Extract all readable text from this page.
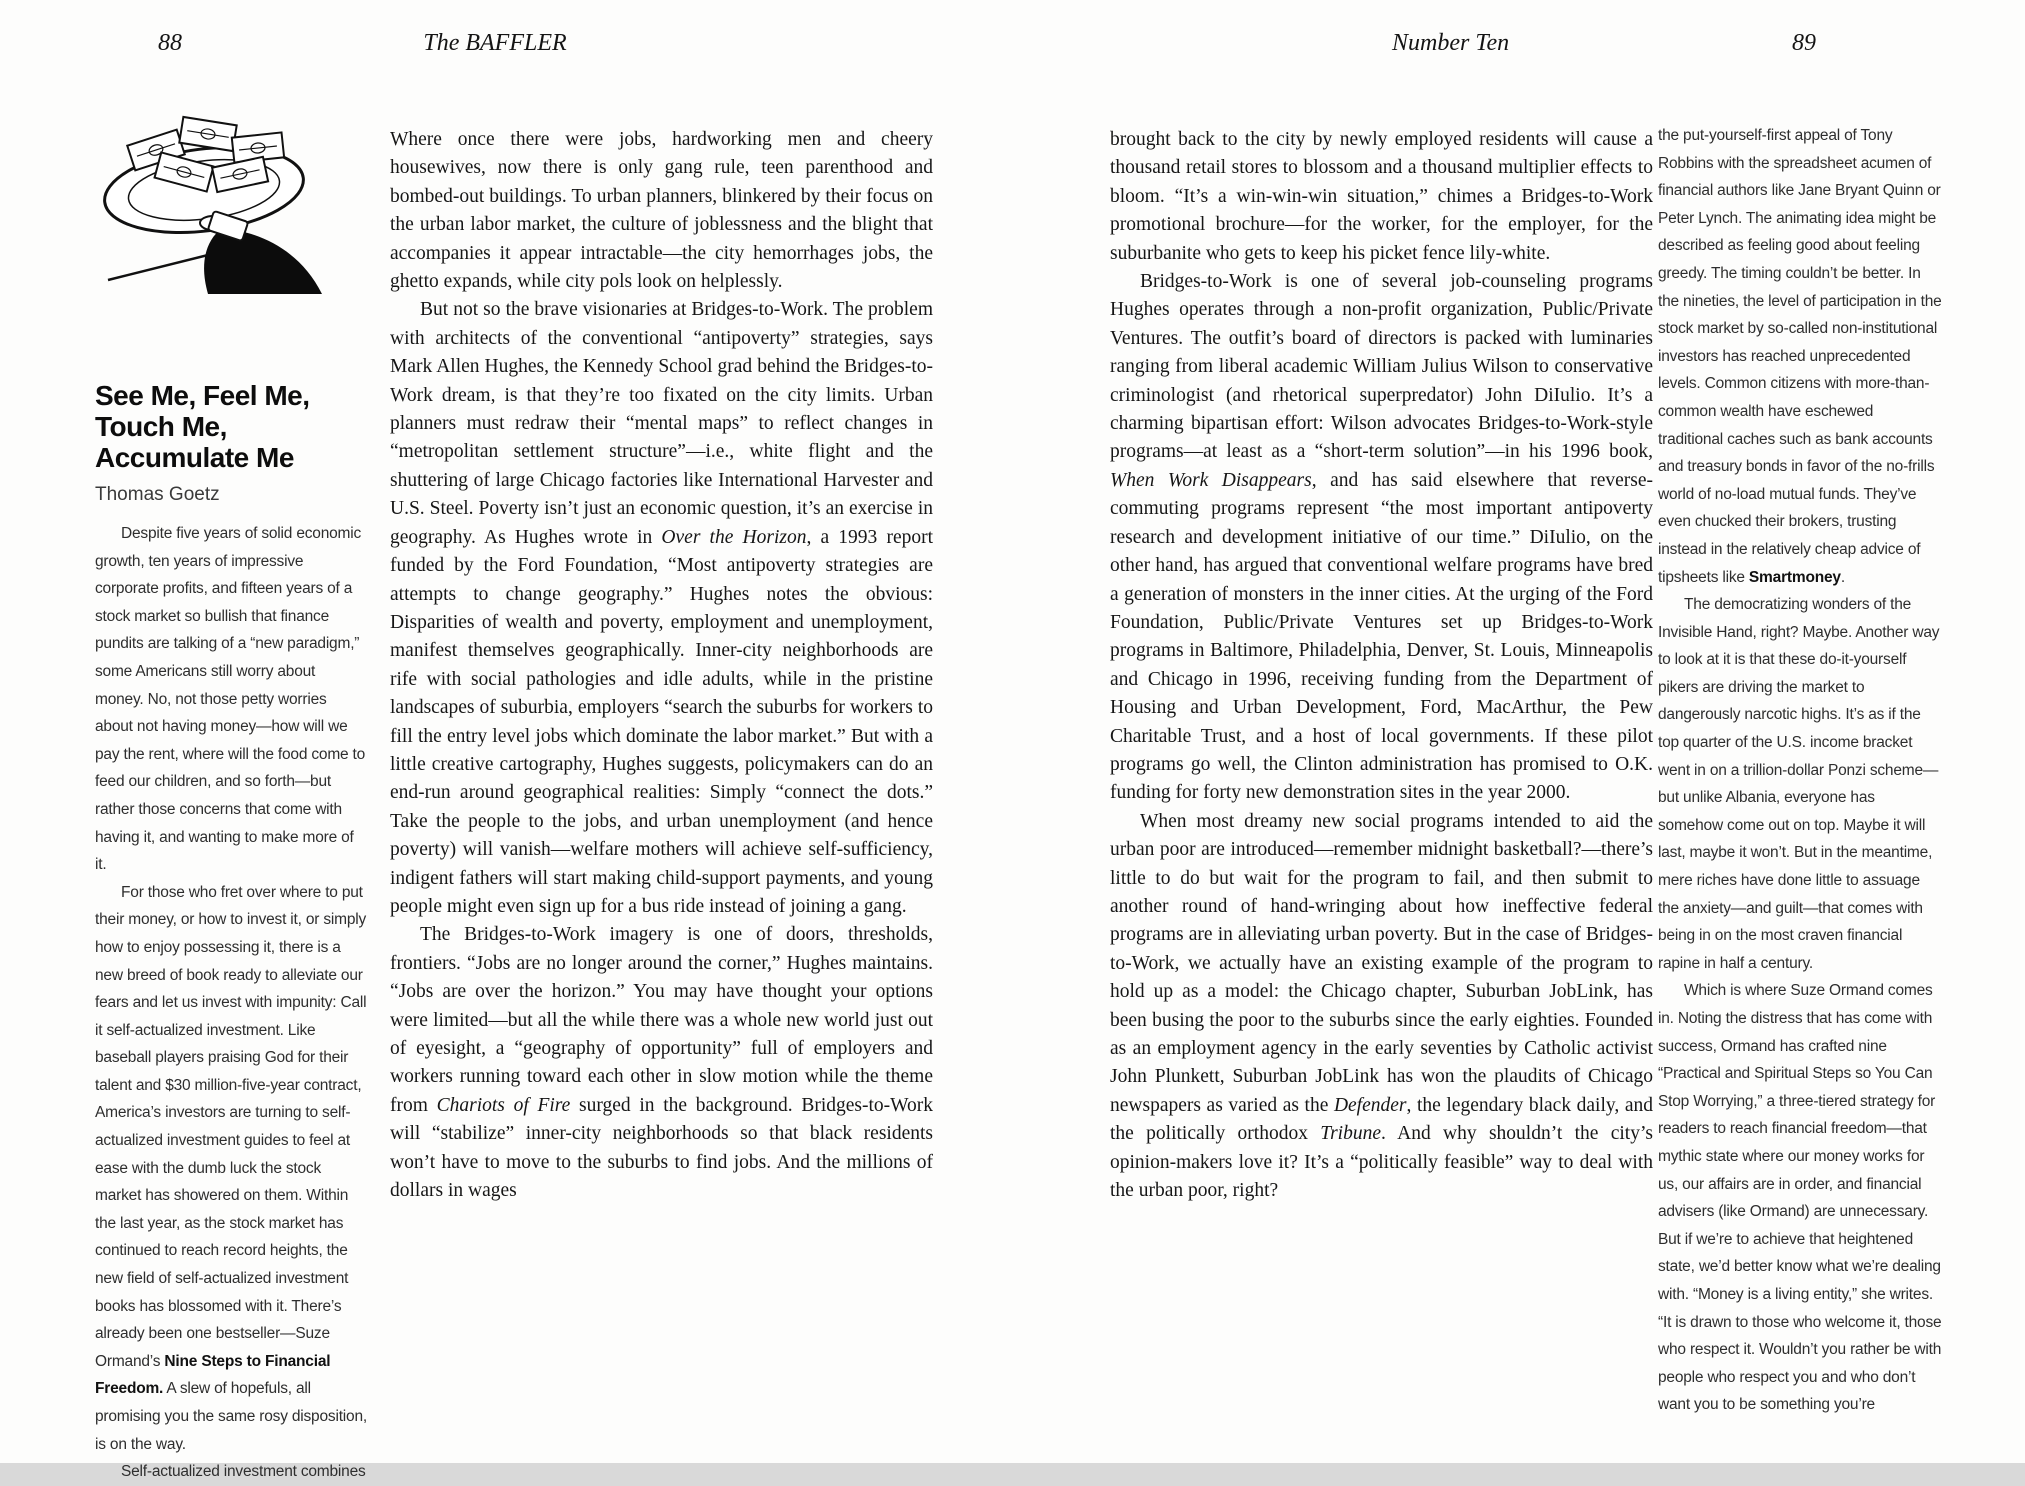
88	The BAFFLER	Number Ten	89
See Me, Feel Me, Touch Me, Accumulate Me
Thomas Goetz

Despite five years of solid economic growth, ten years of impressive corporate profits, and fifteen years of a stock market so bullish that finance pundits are talking of a “new paradigm,” some Americans still worry about money. No, not those petty worries about not having money—how will we pay the rent, where will the food come to feed our children, and so forth—but rather those concerns that come with having it, and wanting to make more of it.

For those who fret over where to put their money, or how to invest it, or simply how to enjoy possessing it, there is a new breed of book ready to alleviate our fears and let us invest with impunity: Call it self-actualized investment. Like baseball players praising God for their talent and $30 million-five-year contract, America’s investors are turning to self-actualized investment guides to feel at ease with the dumb luck the stock market has showered on them. Within the last year, as the stock market has continued to reach record heights, the new field of self-actualized investment books has blossomed with it. There’s already been one bestseller—Suze Ormand’s Nine Steps to Financial Freedom. A slew of hopefuls, all promising you the same rosy disposition, is on the way.

Self-actualized investment combines

Where once there were jobs, hardworking men and cheery housewives, now there is only gang rule, teen parenthood and bombed-out buildings. To urban planners, blinkered by their focus on the urban labor market, the culture of joblessness and the blight that accompanies it appear intractable—the city hemorrhages jobs, the ghetto expands, while city pols look on helplessly.

But not so the brave visionaries at Bridges-to-Work. The problem with architects of the conventional “antipoverty” strategies, says Mark Allen Hughes, the Kennedy School grad behind the Bridges-to-Work dream, is that they’re too fixated on the city limits. Urban planners must redraw their “mental maps” to reflect changes in “metropolitan settlement structure”—i.e., white flight and the shuttering of large Chicago factories like International Harvester and U.S. Steel. Poverty isn’t just an economic question, it’s an exercise in geography. As Hughes wrote in Over the Horizon, a 1993 report funded by the Ford Foundation, “Most antipoverty strategies are attempts to change geography.” Hughes notes the obvious: Disparities of wealth and poverty, employment and unemployment, manifest themselves geographically. Inner-city neighborhoods are rife with social pathologies and idle adults, while in the pristine landscapes of suburbia, employers “search the suburbs for workers to fill the entry level jobs which dominate the labor market.” But with a little creative cartography, Hughes suggests, policymakers can do an end-run around geographical realities: Simply “connect the dots.” Take the people to the jobs, and urban unemployment (and hence poverty) will vanish—welfare mothers will achieve self-sufficiency, indigent fathers will start making child-support payments, and young people might even sign up for a bus ride instead of joining a gang.

The Bridges-to-Work imagery is one of doors, thresholds, frontiers. “Jobs are no longer around the corner,” Hughes maintains. “Jobs are over the horizon.” You may have thought your options were limited—but all the while there was a whole new world just out of eyesight, a “geography of opportunity” full of employers and workers running toward each other in slow motion while the theme from Chariots of Fire surged in the background. Bridges-to-Work will “stabilize” inner-city neighborhoods so that black residents won’t have to move to the suburbs to find jobs. And the millions of dollars in wages

brought back to the city by newly employed residents will cause a thousand retail stores to blossom and a thousand multiplier effects to bloom. “It’s a win-win-win situation,” chimes a Bridges-to-Work promotional brochure—for the worker, for the employer, for the suburbanite who gets to keep his picket fence lily-white.

Bridges-to-Work is one of several job-counseling programs Hughes operates through a non-profit organization, Public/Private Ventures. The outfit’s board of directors is packed with luminaries ranging from liberal academic William Julius Wilson to conservative criminologist (and rhetorical superpredator) John DiIulio. It’s a charming bipartisan effort: Wilson advocates Bridges-to-Work-style programs—at least as a “short-term solution”—in his 1996 book, When Work Disappears, and has said elsewhere that reverse-commuting programs represent “the most important antipoverty research and development initiative of our time.” DiIulio, on the other hand, has argued that conventional welfare programs have bred a generation of monsters in the inner cities. At the urging of the Ford Foundation, Public/Private Ventures set up Bridges-to-Work programs in Baltimore, Philadelphia, Denver, St. Louis, Minneapolis and Chicago in 1996, receiving funding from the Department of Housing and Urban Development, Ford, MacArthur, the Pew Charitable Trust, and a host of local governments. If these pilot programs go well, the Clinton administration has promised to O.K. funding for forty new demonstration sites in the year 2000.

When most dreamy new social programs intended to aid the urban poor are introduced—remember midnight basketball?—there’s little to do but wait for the program to fail, and then submit to another round of hand-wringing about how ineffective federal programs are in alleviating urban poverty. But in the case of Bridges-to-Work, we actually have an existing example of the program to hold up as a model: the Chicago chapter, Suburban JobLink, has been busing the poor to the suburbs since the early eighties. Founded as an employment agency in the early seventies by Catholic activist John Plunkett, Suburban JobLink has won the plaudits of Chicago newspapers as varied as the Defender, the legendary black daily, and the politically orthodox Tribune. And why shouldn’t the city’s opinion-makers love it? It’s a “politically feasible” way to deal with the urban poor, right?

the put-yourself-first appeal of Tony Robbins with the spreadsheet acumen of financial authors like Jane Bryant Quinn or Peter Lynch. The animating idea might be described as feeling good about feeling greedy. The timing couldn’t be better. In the nineties, the level of participation in the stock market by so-called non-institutional investors has reached unprecedented levels. Common citizens with more-than-common wealth have eschewed traditional caches such as bank accounts and treasury bonds in favor of the no-frills world of no-load mutual funds. They’ve even chucked their brokers, trusting instead in the relatively cheap advice of tipsheets like Smartmoney.

The democratizing wonders of the Invisible Hand, right? Maybe. Another way to look at it is that these do-it-yourself pikers are driving the market to dangerously narcotic highs. It’s as if the top quarter of the U.S. income bracket went in on a trillion-dollar Ponzi scheme—but unlike Albania, everyone has somehow come out on top. Maybe it will last, maybe it won’t. But in the meantime, mere riches have done little to assuage the anxiety—and guilt—that comes with being in on the most craven financial rapine in half a century.

Which is where Suze Ormand comes in. Noting the distress that has come with success, Ormand has crafted nine “Practical and Spiritual Steps so You Can Stop Worrying,” a three-tiered strategy for readers to reach financial freedom—that mythic state where our money works for us, our affairs are in order, and financial advisers (like Ormand) are unnecessary. But if we’re to achieve that heightened state, we’d better know what we’re dealing with. “Money is a living entity,” she writes. “It is drawn to those who welcome it, those who respect it. Wouldn’t you rather be with people who respect you and who don’t want you to be something you’re
